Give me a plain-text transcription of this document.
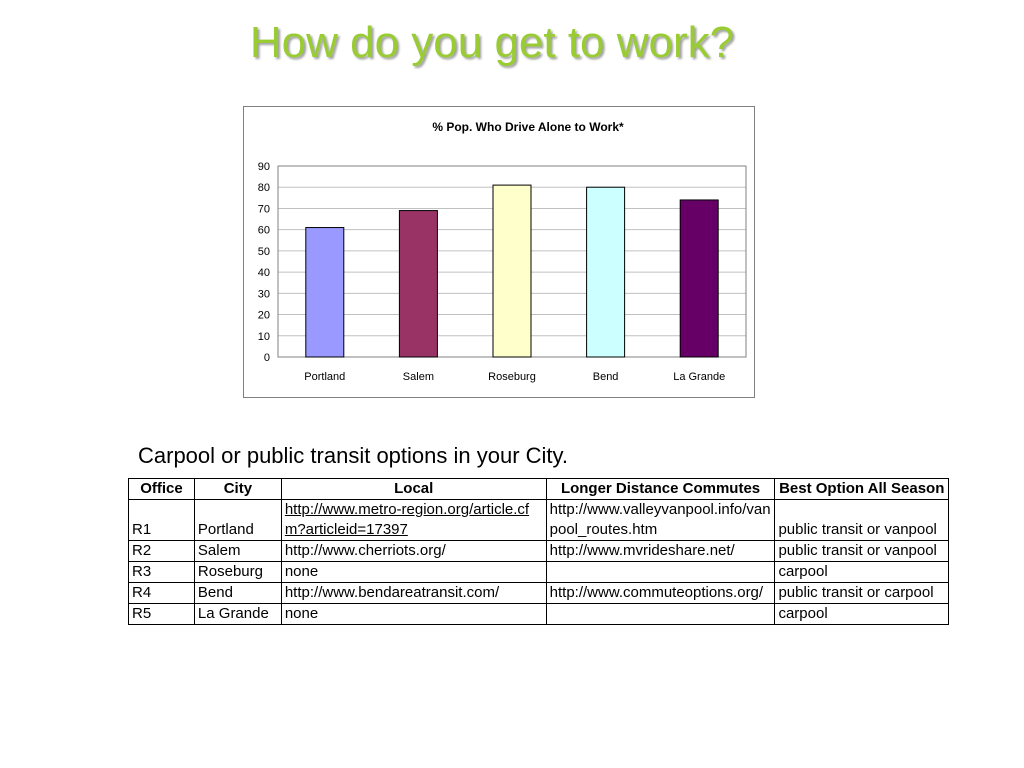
How do you get to work?
% Pop. Who Drive Alone to Work*
0
10
20
30
40
50
60
70
80
90
Portland	Salem	Roseburg	Bend	La Grande
Carpool or public transit options in your City.
Office	City	Local	Longer Distance Commutes	Best Option All Season
R1	Portland	http://www.metro-region.org/article.cfm?articleid=17397	http://www.valleyvanpool.info/vanpool_routes.htm	public transit or vanpool
R2	Salem	http://www.cherriots.org/	http://www.mvrideshare.net/	public transit or vanpool
R3	Roseburg	none		carpool
R4	Bend	http://www.bendareatransit.com/	http://www.commuteoptions.org/	public transit or carpool
R5	La Grande	none		carpool
